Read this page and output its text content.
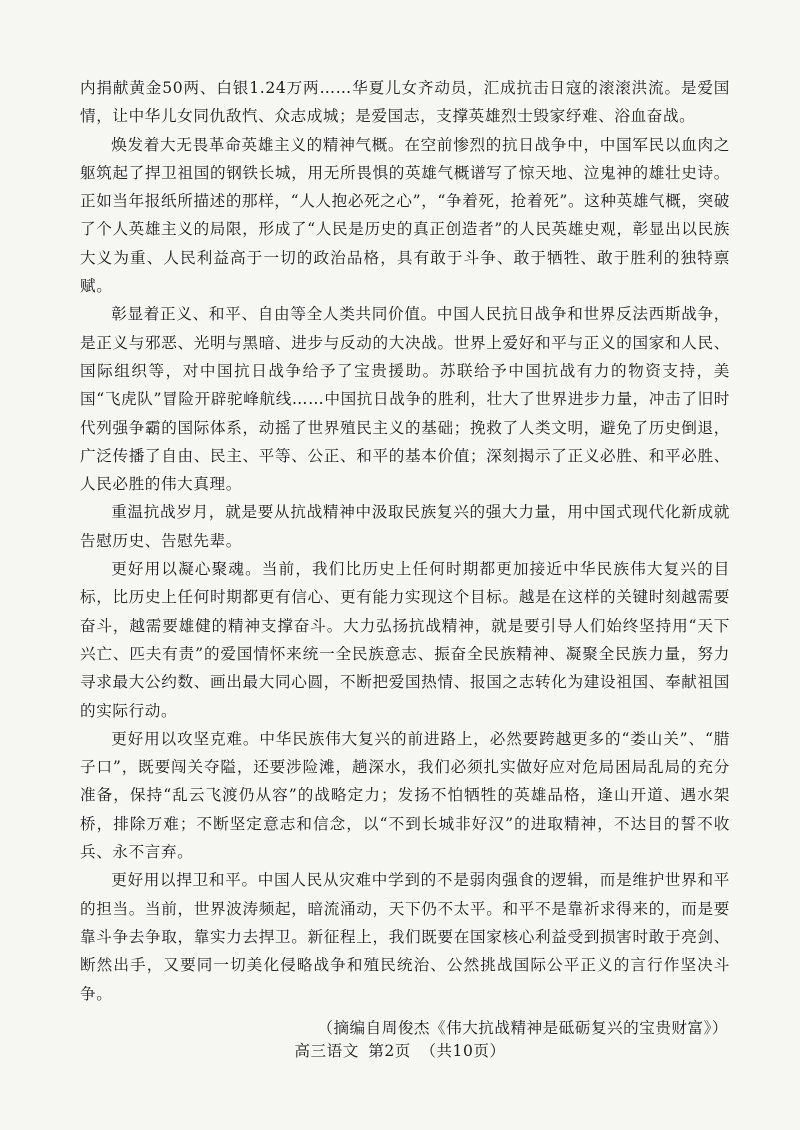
内捐献黄金50两、白银1.24万两……华夏儿女齐动员，汇成抗击日寇的滚滚洪流。是爱国情，让中华儿女同仇敌忾、众志成城；是爱国志，支撑英雄烈士毁家纾难、浴血奋战。

焕发着大无畏革命英雄主义的精神气概。在空前惨烈的抗日战争中，中国军民以血肉之躯筑起了捍卫祖国的钢铁长城，用无所畏惧的英雄气概谱写了惊天地、泣鬼神的雄壮史诗。正如当年报纸所描述的那样，“人人抱必死之心”，“争着死，抢着死”。这种英雄气概，突破了个人英雄主义的局限，形成了“人民是历史的真正创造者”的人民英雄史观，彰显出以民族大义为重、人民利益高于一切的政治品格，具有敢于斗争、敢于牺牲、敢于胜利的独特禀赋。

彰显着正义、和平、自由等全人类共同价值。中国人民抗日战争和世界反法西斯战争，是正义与邪恶、光明与黑暗、进步与反动的大决战。世界上爱好和平与正义的国家和人民、国际组织等，对中国抗日战争给予了宝贵援助。苏联给予中国抗战有力的物资支持，美国“飞虎队”冒险开辟驼峰航线……中国抗日战争的胜利，壮大了世界进步力量，冲击了旧时代列强争霸的国际体系，动摇了世界殖民主义的基础；挽救了人类文明，避免了历史倒退，广泛传播了自由、民主、平等、公正、和平的基本价值；深刻揭示了正义必胜、和平必胜、人民必胜的伟大真理。

重温抗战岁月，就是要从抗战精神中汲取民族复兴的强大力量，用中国式现代化新成就告慰历史、告慰先辈。

更好用以凝心聚魂。当前，我们比历史上任何时期都更加接近中华民族伟大复兴的目标，比历史上任何时期都更有信心、更有能力实现这个目标。越是在这样的关键时刻越需要奋斗，越需要雄健的精神支撑奋斗。大力弘扬抗战精神，就是要引导人们始终坚持用“天下兴亡、匹夫有责”的爱国情怀来统一全民族意志、振奋全民族精神、凝聚全民族力量，努力寻求最大公约数、画出最大同心圆，不断把爱国热情、报国之志转化为建设祖国、奉献祖国的实际行动。

更好用以攻坚克难。中华民族伟大复兴的前进路上，必然要跨越更多的“娄山关”、“腊子口”，既要闯关夺隘，还要涉险滩，趟深水，我们必须扎实做好应对危局困局乱局的充分准备，保持“乱云飞渡仍从容”的战略定力；发扬不怕牺牲的英雄品格，逢山开道、遇水架桥，排除万难；不断坚定意志和信念，以“不到长城非好汉”的进取精神，不达目的誓不收兵、永不言弃。

更好用以捍卫和平。中国人民从灾难中学到的不是弱肉强食的逻辑，而是维护世界和平的担当。当前，世界波涛频起，暗流涌动，天下仍不太平。和平不是靠祈求得来的，而是要靠斗争去争取，靠实力去捍卫。新征程上，我们既要在国家核心利益受到损害时敢于亮剑、断然出手，又要同一切美化侵略战争和殖民统治、公然挑战国际公平正义的言行作坚决斗争。

（摘编自周俊杰《伟大抗战精神是砥砺复兴的宝贵财富》）
高三语文 第2页 （共10页）
